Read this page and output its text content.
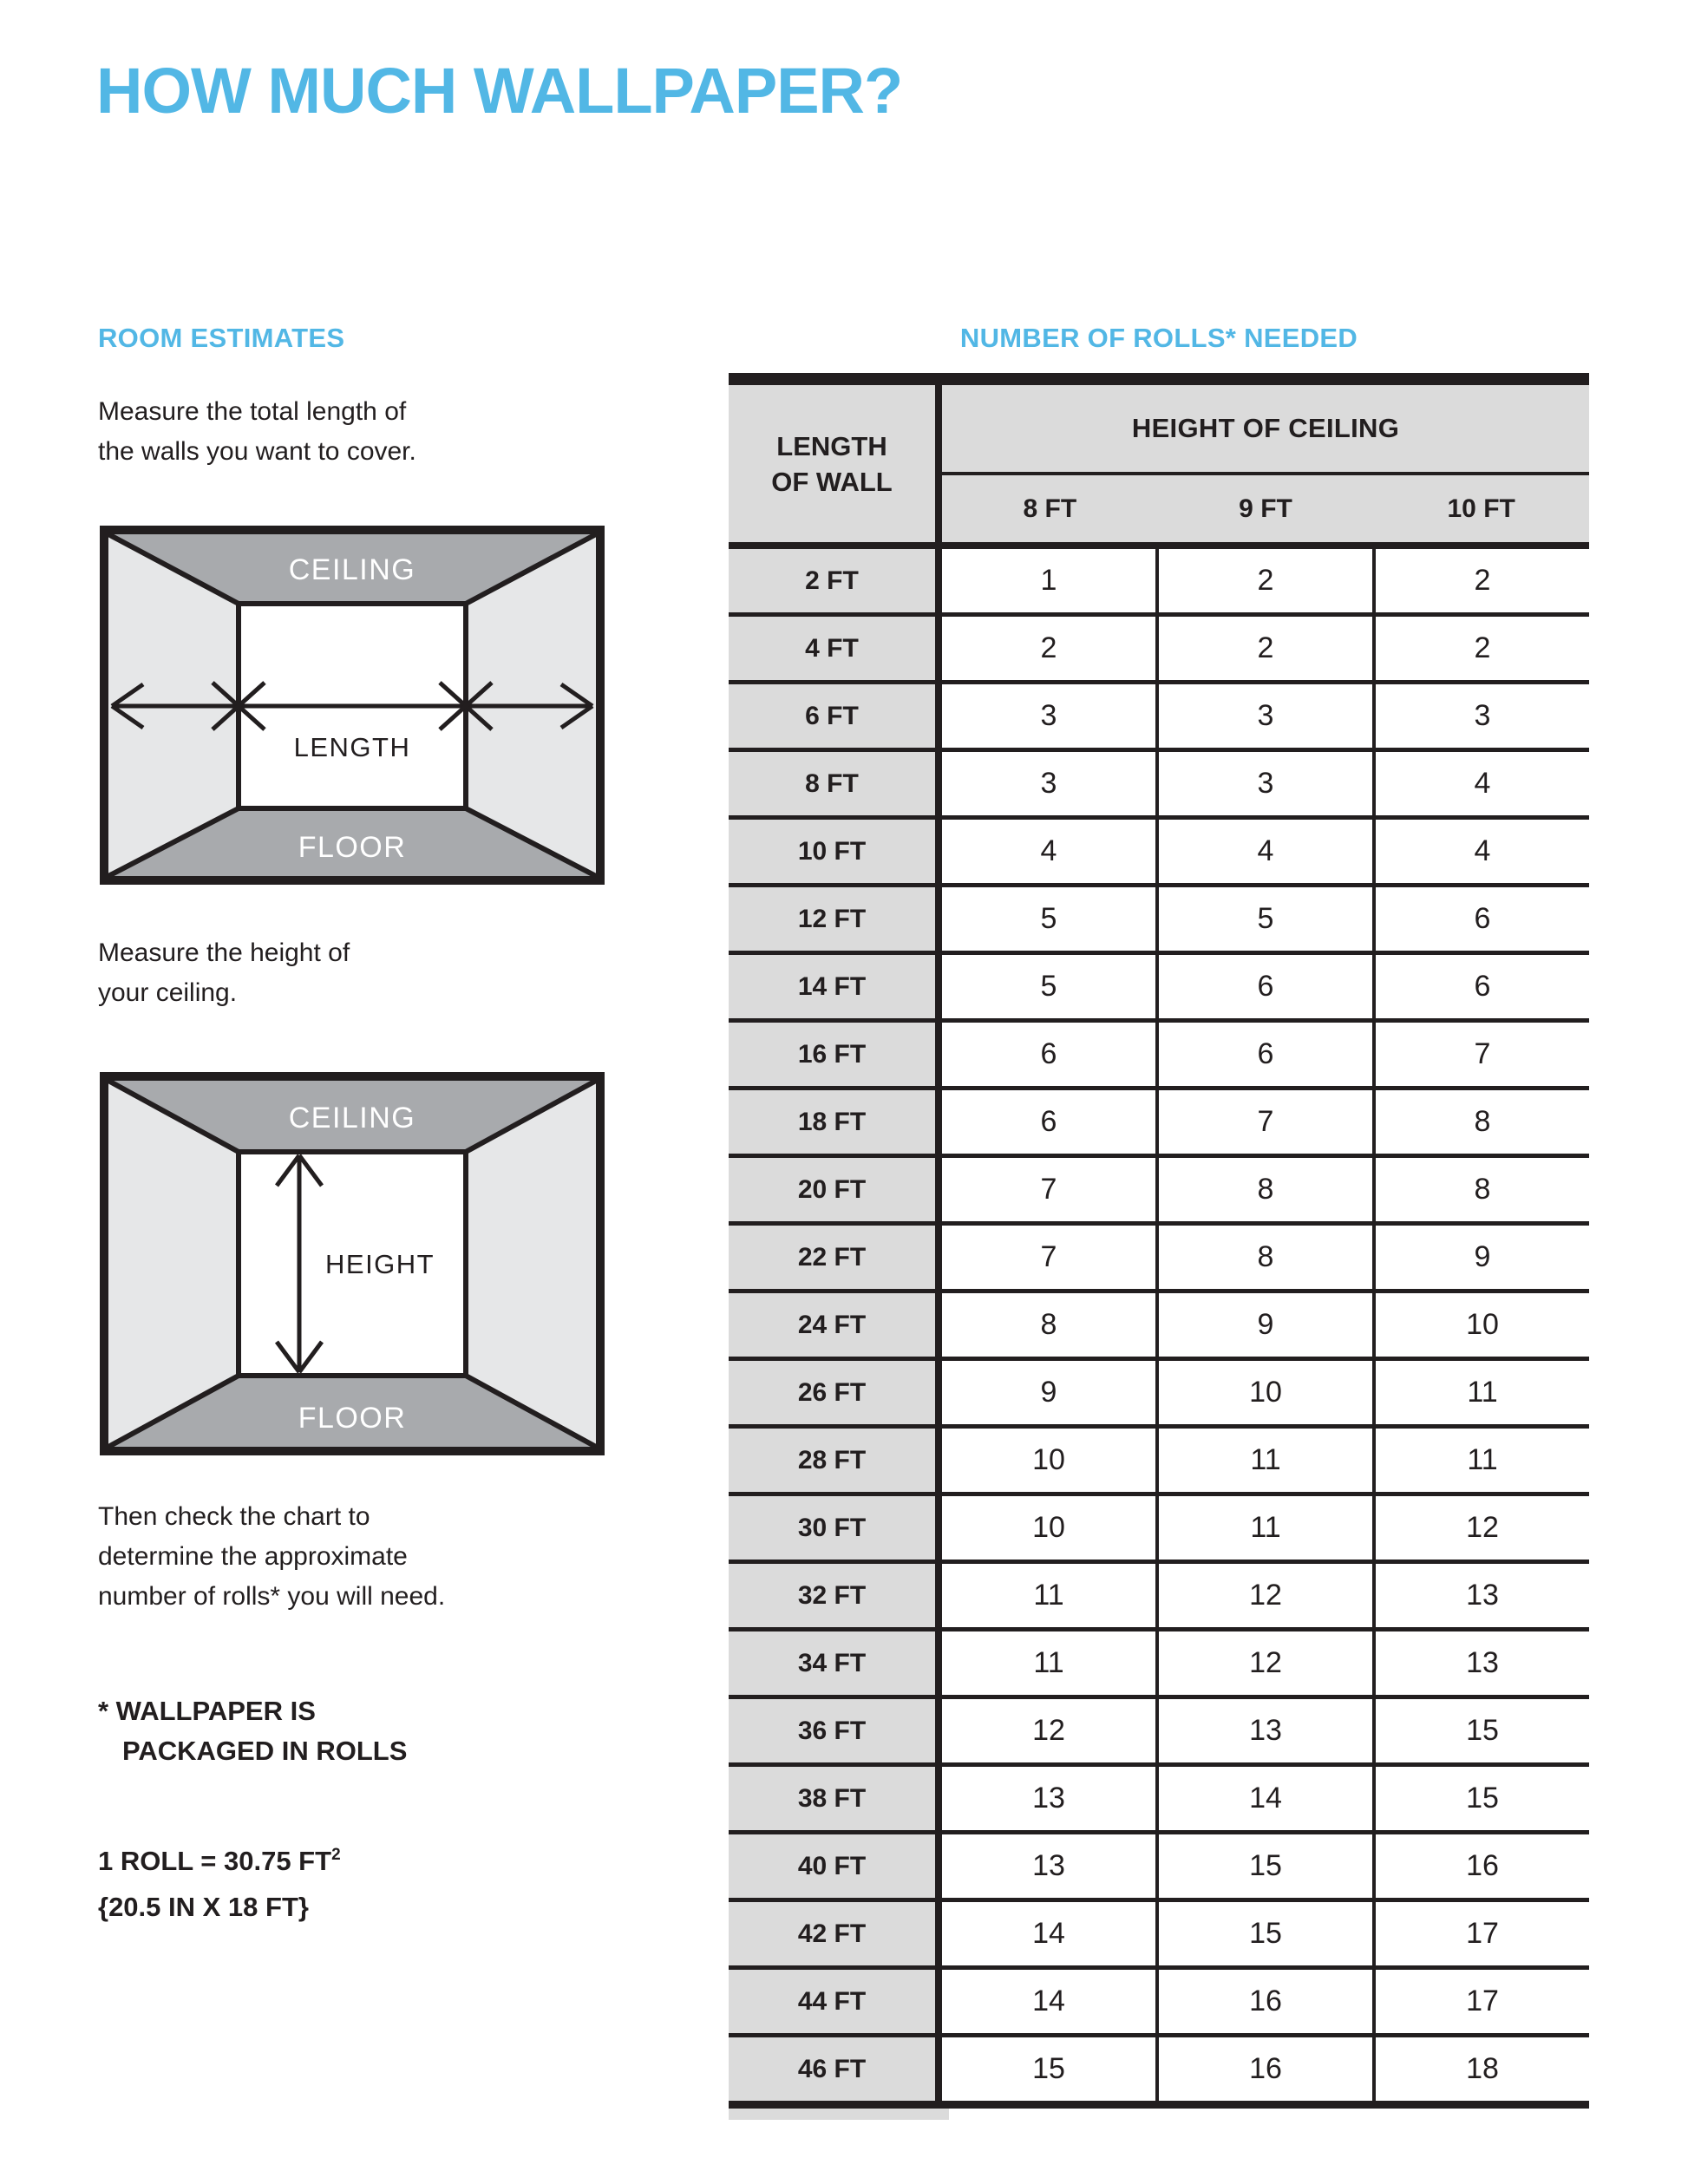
HOW MUCH WALLPAPER?
ROOM ESTIMATES	NUMBER OF ROLLS* NEEDED
Measure the total length of
the walls you want to cover.
CEILING
FLOOR
LENGTH
Measure the height of
your ceiling.
CEILING
FLOOR
HEIGHT
Then check the chart to
determine the approximate
number of rolls* you will need.
* WALLPAPER IS
PACKAGED IN ROLLS
1 ROLL = 30.75 $FT^2$
{20.5 IN X 18 FT}
LENGTH
OF WALL
HEIGHT OF CEILING
8 FT	9 FT	10 FT
2 FT	1	2	2
4 FT	2	2	2
6 FT	3	3	3
8 FT	3	3	4
10 FT	4	4	4
12 FT	5	5	6
14 FT	5	6	6
16 FT	6	6	7
18 FT	6	7	8
20 FT	7	8	8
22 FT	7	8	9
24 FT	8	9	10
26 FT	9	10	11
28 FT	10	11	11
30 FT	10	11	12
32 FT	11	12	13
34 FT	11	12	13
36 FT	12	13	15
38 FT	13	14	15
40 FT	13	15	16
42 FT	14	15	17
44 FT	14	16	17
46 FT	15	16	18
